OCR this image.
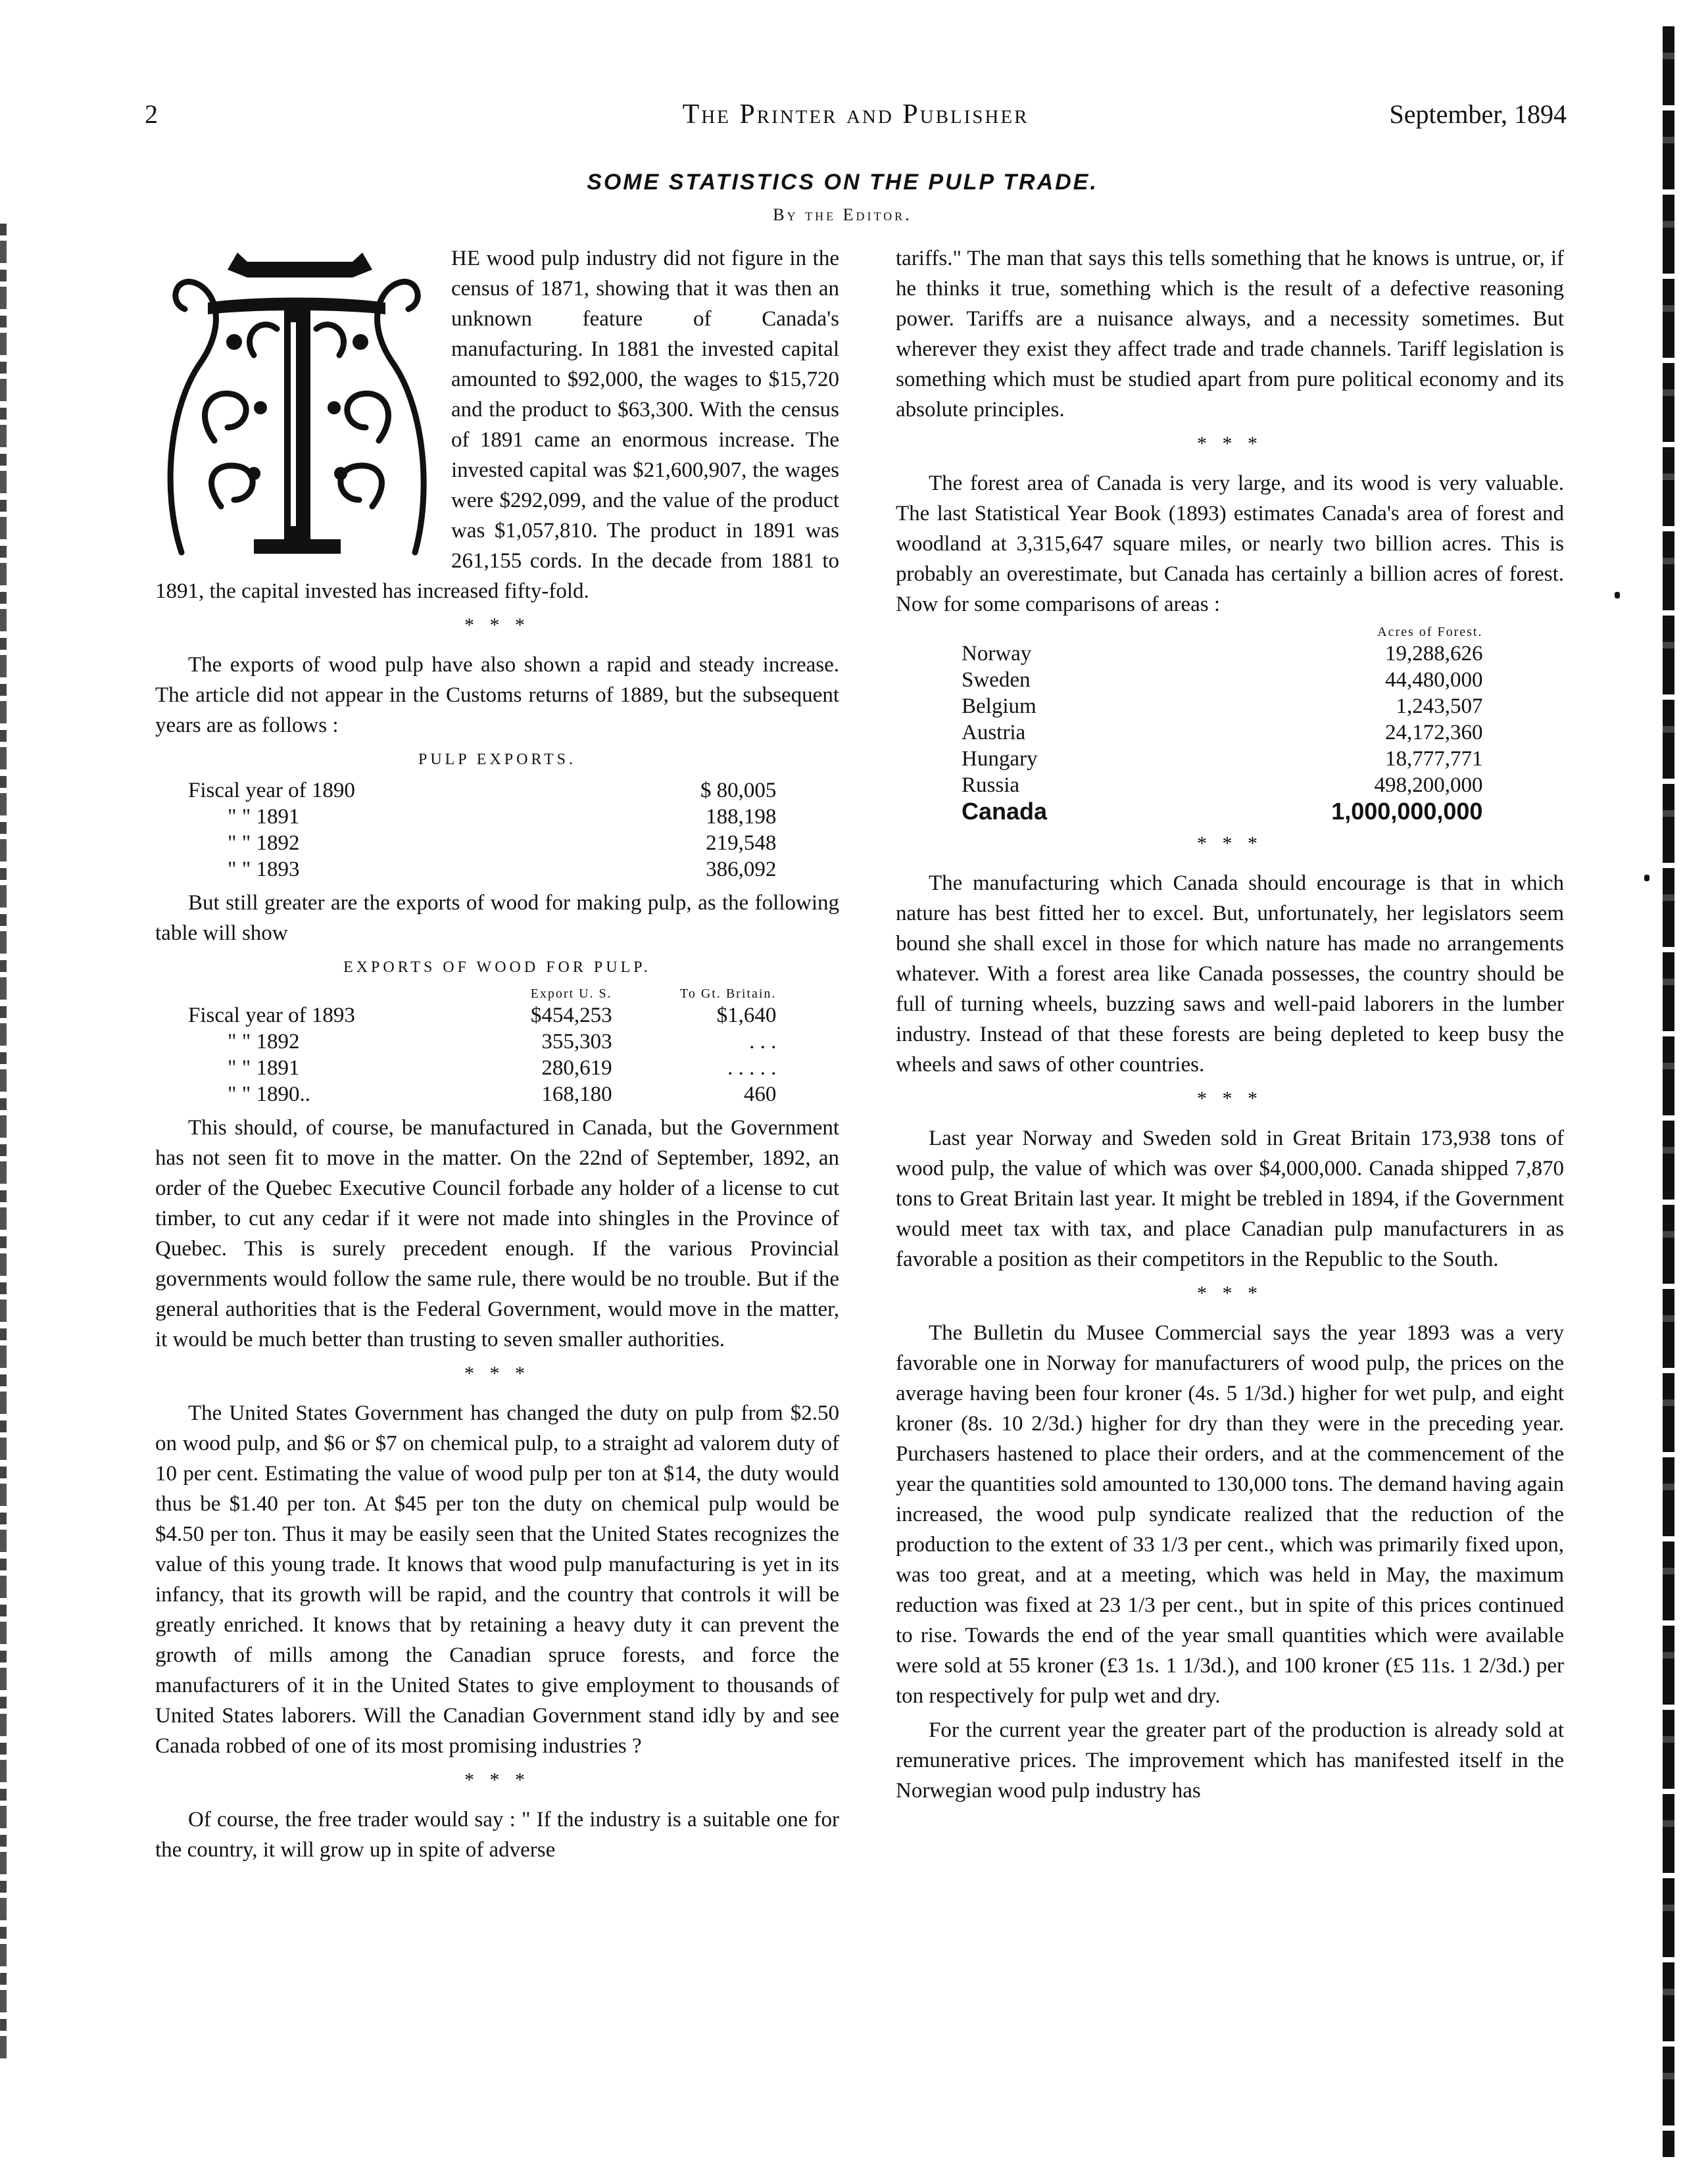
2	The Printer and Publisher	September, 1894
SOME STATISTICS ON THE PULP TRADE.
By the Editor.

HE wood pulp industry did not figure in the census of 1871, showing that it was then an unknown feature of Canada's manufacturing. In 1881 the invested capital amounted to $92,000, the wages to $15,720 and the product to $63,300. With the census of 1891 came an enormous increase. The invested capital was $21,600,907, the wages were $292,099, and the value of the product was $1,057,810. The product in 1891 was 261,155 cords. In the decade from 1881 to 1891, the capital invested has increased fifty-fold.

* * *

The exports of wood pulp have also shown a rapid and steady increase. The article did not appear in the Customs returns of 1889, but the subsequent years are as follows :

PULP EXPORTS.
Fiscal year of 1890	$ 80,005
" " 1891	188,198
" " 1892	219,548
" " 1893	386,092

But still greater are the exports of wood for making pulp, as the following table will show

EXPORTS OF WOOD FOR PULP.
	Export U. S.	To Gt. Britain.
Fiscal year of 1893	$454,253	$1,640
" " 1892	355,303	. . .
" " 1891	280,619	. . . . .
" " 1890..	168,180	460

This should, of course, be manufactured in Canada, but the Government has not seen fit to move in the matter. On the 22nd of September, 1892, an order of the Quebec Executive Council forbade any holder of a license to cut timber, to cut any cedar if it were not made into shingles in the Province of Quebec. This is surely precedent enough. If the various Provincial governments would follow the same rule, there would be no trouble. But if the general authorities that is the Federal Government, would move in the matter, it would be much better than trusting to seven smaller authorities.

* * *

The United States Government has changed the duty on pulp from $2.50 on wood pulp, and $6 or $7 on chemical pulp, to a straight ad valorem duty of 10 per cent. Estimating the value of wood pulp per ton at $14, the duty would thus be $1.40 per ton. At $45 per ton the duty on chemical pulp would be $4.50 per ton. Thus it may be easily seen that the United States recognizes the value of this young trade. It knows that wood pulp manufacturing is yet in its infancy, that its growth will be rapid, and the country that controls it will be greatly enriched. It knows that by retaining a heavy duty it can prevent the growth of mills among the Canadian spruce forests, and force the manufacturers of it in the United States to give employment to thousands of United States laborers. Will the Canadian Government stand idly by and see Canada robbed of one of its most promising industries ?

* * *

Of course, the free trader would say : " If the industry is a suitable one for the country, it will grow up in spite of adverse

tariffs." The man that says this tells something that he knows is untrue, or, if he thinks it true, something which is the result of a defective reasoning power. Tariffs are a nuisance always, and a necessity sometimes. But wherever they exist they affect trade and trade channels. Tariff legislation is something which must be studied apart from pure political economy and its absolute principles.

* * *

The forest area of Canada is very large, and its wood is very valuable. The last Statistical Year Book (1893) estimates Canada's area of forest and woodland at 3,315,647 square miles, or nearly two billion acres. This is probably an overestimate, but Canada has certainly a billion acres of forest. Now for some comparisons of areas :

	Acres of Forest.
Norway	19,288,626
Sweden	44,480,000
Belgium	1,243,507
Austria	24,172,360
Hungary	18,777,771
Russia	498,200,000
Canada	1,000,000,000
* * *

The manufacturing which Canada should encourage is that in which nature has best fitted her to excel. But, unfortunately, her legislators seem bound she shall excel in those for which nature has made no arrangements whatever. With a forest area like Canada possesses, the country should be full of turning wheels, buzzing saws and well-paid laborers in the lumber industry. Instead of that these forests are being depleted to keep busy the wheels and saws of other countries.

* * *

Last year Norway and Sweden sold in Great Britain 173,938 tons of wood pulp, the value of which was over $4,000,000. Canada shipped 7,870 tons to Great Britain last year. It might be trebled in 1894, if the Government would meet tax with tax, and place Canadian pulp manufacturers in as favorable a position as their competitors in the Republic to the South.

* * *

The Bulletin du Musee Commercial says the year 1893 was a very favorable one in Norway for manufacturers of wood pulp, the prices on the average having been four kroner (4s. 5 1/3d.) higher for wet pulp, and eight kroner (8s. 10 2/3d.) higher for dry than they were in the preceding year. Purchasers hastened to place their orders, and at the commencement of the year the quantities sold amounted to 130,000 tons. The demand having again increased, the wood pulp syndicate realized that the reduction of the production to the extent of 33 1/3 per cent., which was primarily fixed upon, was too great, and at a meeting, which was held in May, the maximum reduction was fixed at 23 1/3 per cent., but in spite of this prices continued to rise. Towards the end of the year small quantities which were available were sold at 55 kroner (£3 1s. 1 1/3d.), and 100 kroner (£5 11s. 1 2/3d.) per ton respectively for pulp wet and dry.

For the current year the greater part of the production is already sold at remunerative prices. The improvement which has manifested itself in the Norwegian wood pulp industry has
